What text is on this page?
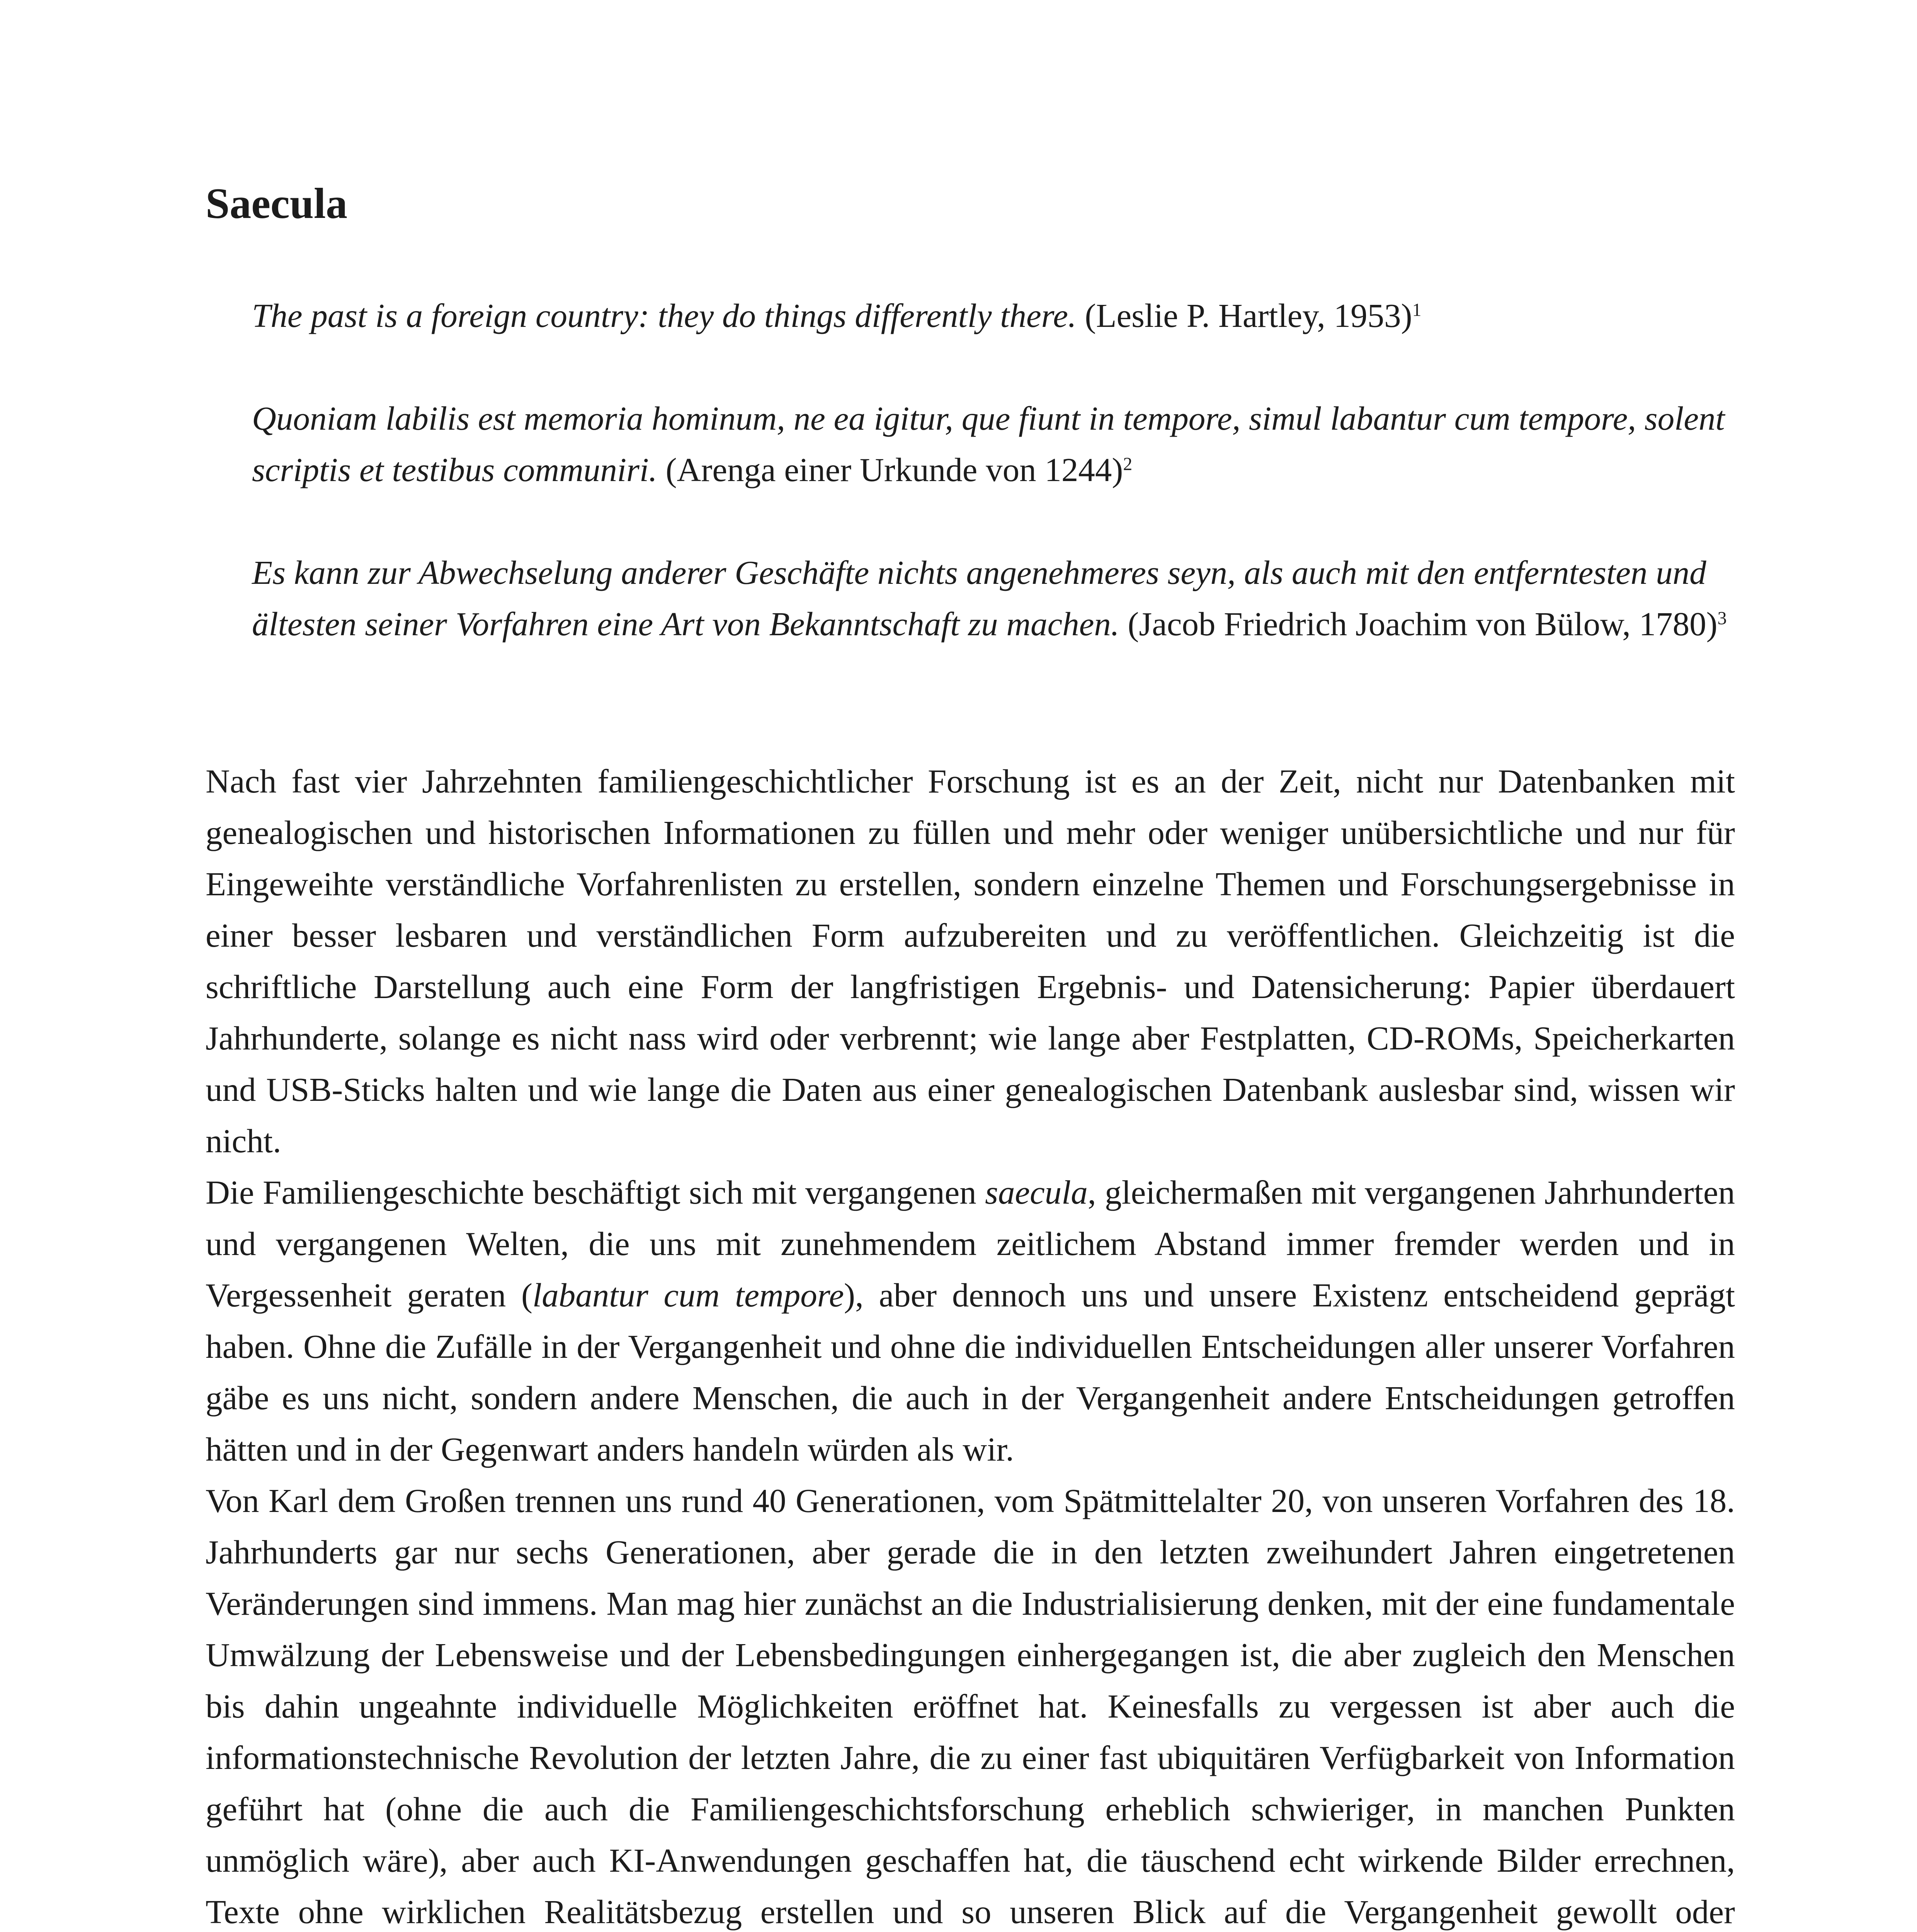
Saecula

The past is a foreign country: they do things differently there. (Leslie P. Hartley, 1953)$^1$

Quoniam labilis est memoria hominum, ne ea igitur, que fiunt in tempore, simul labantur cum tempore, solent scriptis et testibus communiri. (Arenga einer Urkunde von 1244)$^2$

Es kann zur Abwechselung anderer Geschäfte nichts angenehmeres seyn, als auch mit den entferntesten und ältesten seiner Vorfahren eine Art von Bekanntschaft zu machen. (Jacob Friedrich Joachim von Bülow, 1780)$^3$

Nach fast vier Jahrzehnten familiengeschichtlicher Forschung ist es an der Zeit, nicht nur Datenbanken mit genealogischen und historischen Informationen zu füllen und mehr oder weniger unübersichtliche und nur für Eingeweihte verständliche Vorfahrenlisten zu erstellen, sondern einzelne Themen und Forschungsergebnisse in einer besser lesbaren und verständlichen Form aufzubereiten und zu veröffentlichen. Gleichzeitig ist die schriftliche Darstellung auch eine Form der langfristigen Ergebnis- und Datensicherung: Papier überdauert Jahrhunderte, solange es nicht nass wird oder verbrennt; wie lange aber Festplatten, CD-ROMs, Speicherkarten und USB-Sticks halten und wie lange die Daten aus einer genealogischen Datenbank auslesbar sind, wissen wir nicht.

Die Familiengeschichte beschäftigt sich mit vergangenen saecula, gleichermaßen mit vergangenen Jahrhunderten und vergangenen Welten, die uns mit zunehmendem zeitlichem Abstand immer fremder werden und in Vergessenheit geraten (labantur cum tempore), aber dennoch uns und unsere Existenz entscheidend geprägt haben. Ohne die Zufälle in der Vergangenheit und ohne die individuellen Entscheidungen aller unserer Vorfahren gäbe es uns nicht, sondern andere Menschen, die auch in der Vergangenheit andere Entscheidungen getroffen hätten und in der Gegenwart anders handeln würden als wir.

Von Karl dem Großen trennen uns rund 40 Generationen, vom Spätmittelalter 20, von unseren Vorfahren des 18. Jahrhunderts gar nur sechs Generationen, aber gerade die in den letzten zweihundert Jahren eingetretenen Veränderungen sind immens. Man mag hier zunächst an die Industrialisierung denken, mit der eine fundamentale Umwälzung der Lebensweise und der Lebensbedingungen einhergegangen ist, die aber zugleich den Menschen bis dahin ungeahnte individuelle Möglichkeiten eröffnet hat. Keinesfalls zu vergessen ist aber auch die informationstechnische Revolution der letzten Jahre, die zu einer fast ubiquitären Verfügbarkeit von Information geführt hat (ohne die auch die Familiengeschichtsforschung erheblich schwieriger, in manchen Punkten unmöglich wäre), aber auch KI-Anwendungen geschaffen hat, die täuschend echt wirkende Bilder errechnen, Texte ohne wirklichen Realitätsbezug erstellen und so unseren Blick auf die Vergangenheit gewollt oder
